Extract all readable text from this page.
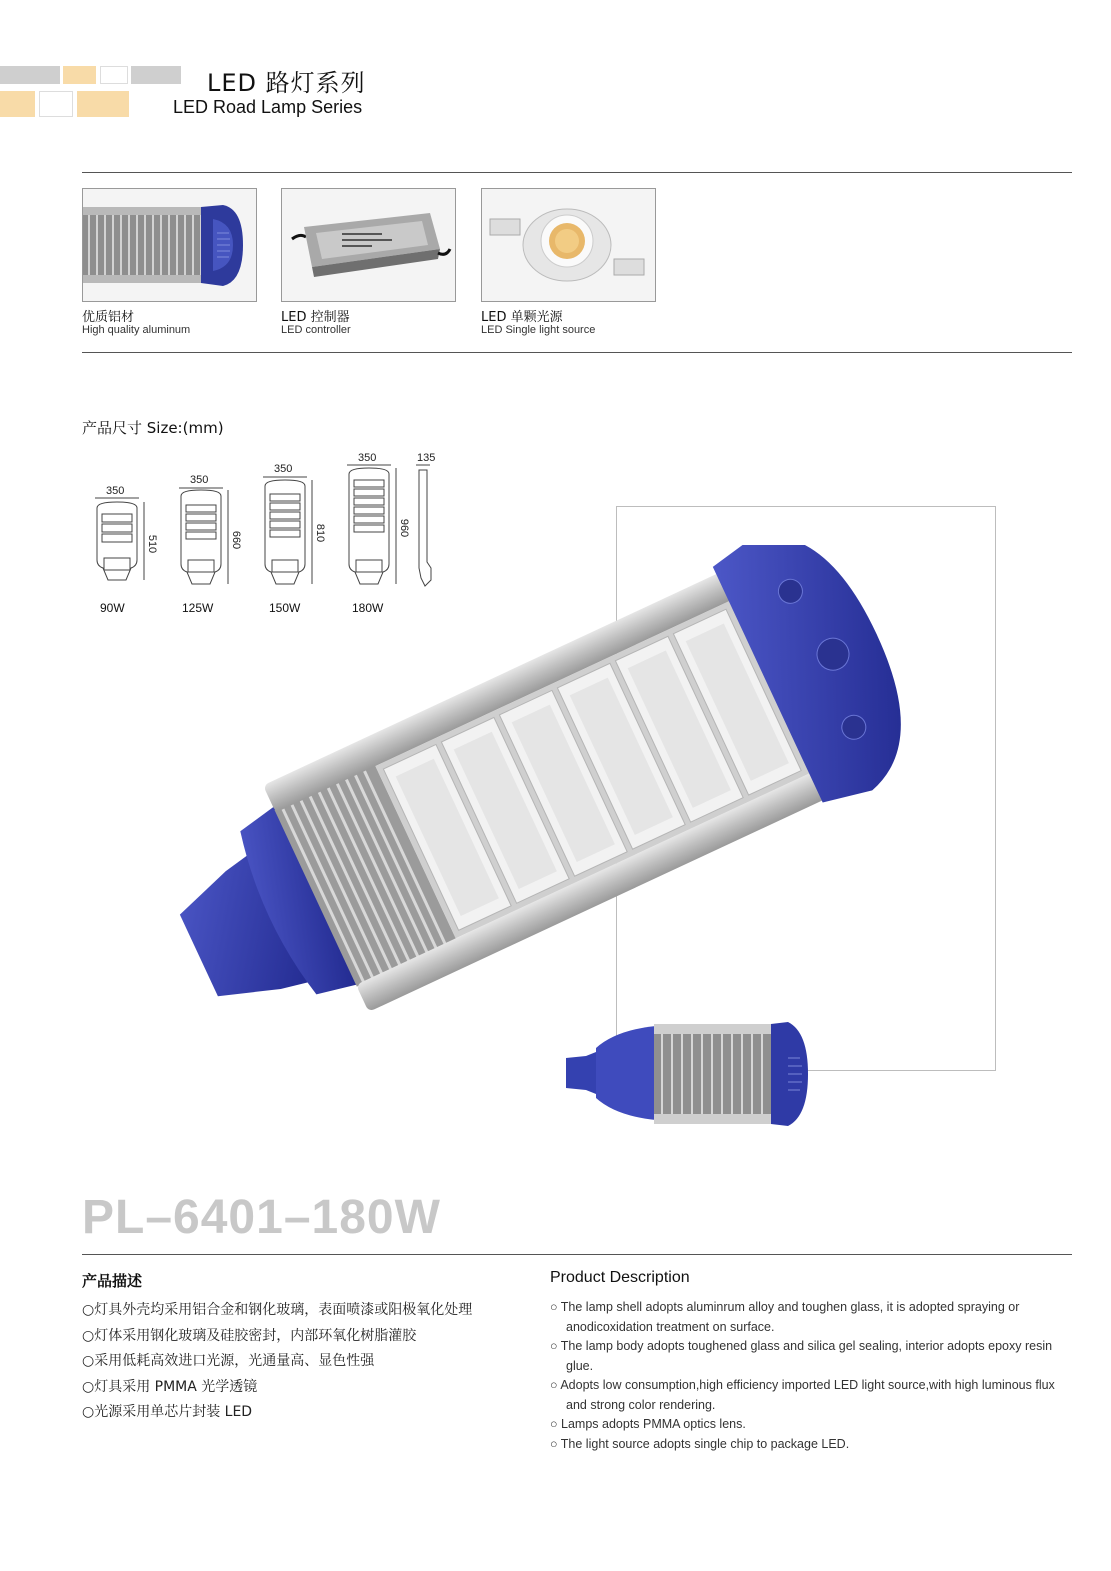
LED 路灯系列
LED Road Lamp Series
优质铝材
High quality aluminum
LED 控制器
LED controller
LED 单颗光源
LED Single light source
产品尺寸 Size:(mm)
350
510
350
660
350
810
350
960
135
90W	125W	150W	180W
PL–6401–180W
产品描述	Product Description
○灯具外壳均采用铝合金和钢化玻璃，表面喷漆或阳极氧化处理
○灯体采用钢化玻璃及硅胶密封，内部环氧化树脂灌胶
○采用低耗高效进口光源，光通量高、显色性强
○灯具采用 PMMA 光学透镜
○光源采用单芯片封装 LED
○ The lamp shell adopts aluminrum alloy and toughen glass, it is adopted spraying or anodicoxidation treatment on surface.
○ The lamp body adopts toughened glass and silica gel sealing, interior adopts epoxy resin glue.
○ Adopts low consumption,high efficiency imported LED light source,with high luminous flux and strong color rendering.
○ Lamps adopts PMMA optics lens.
○ The light source adopts single chip to package LED.
